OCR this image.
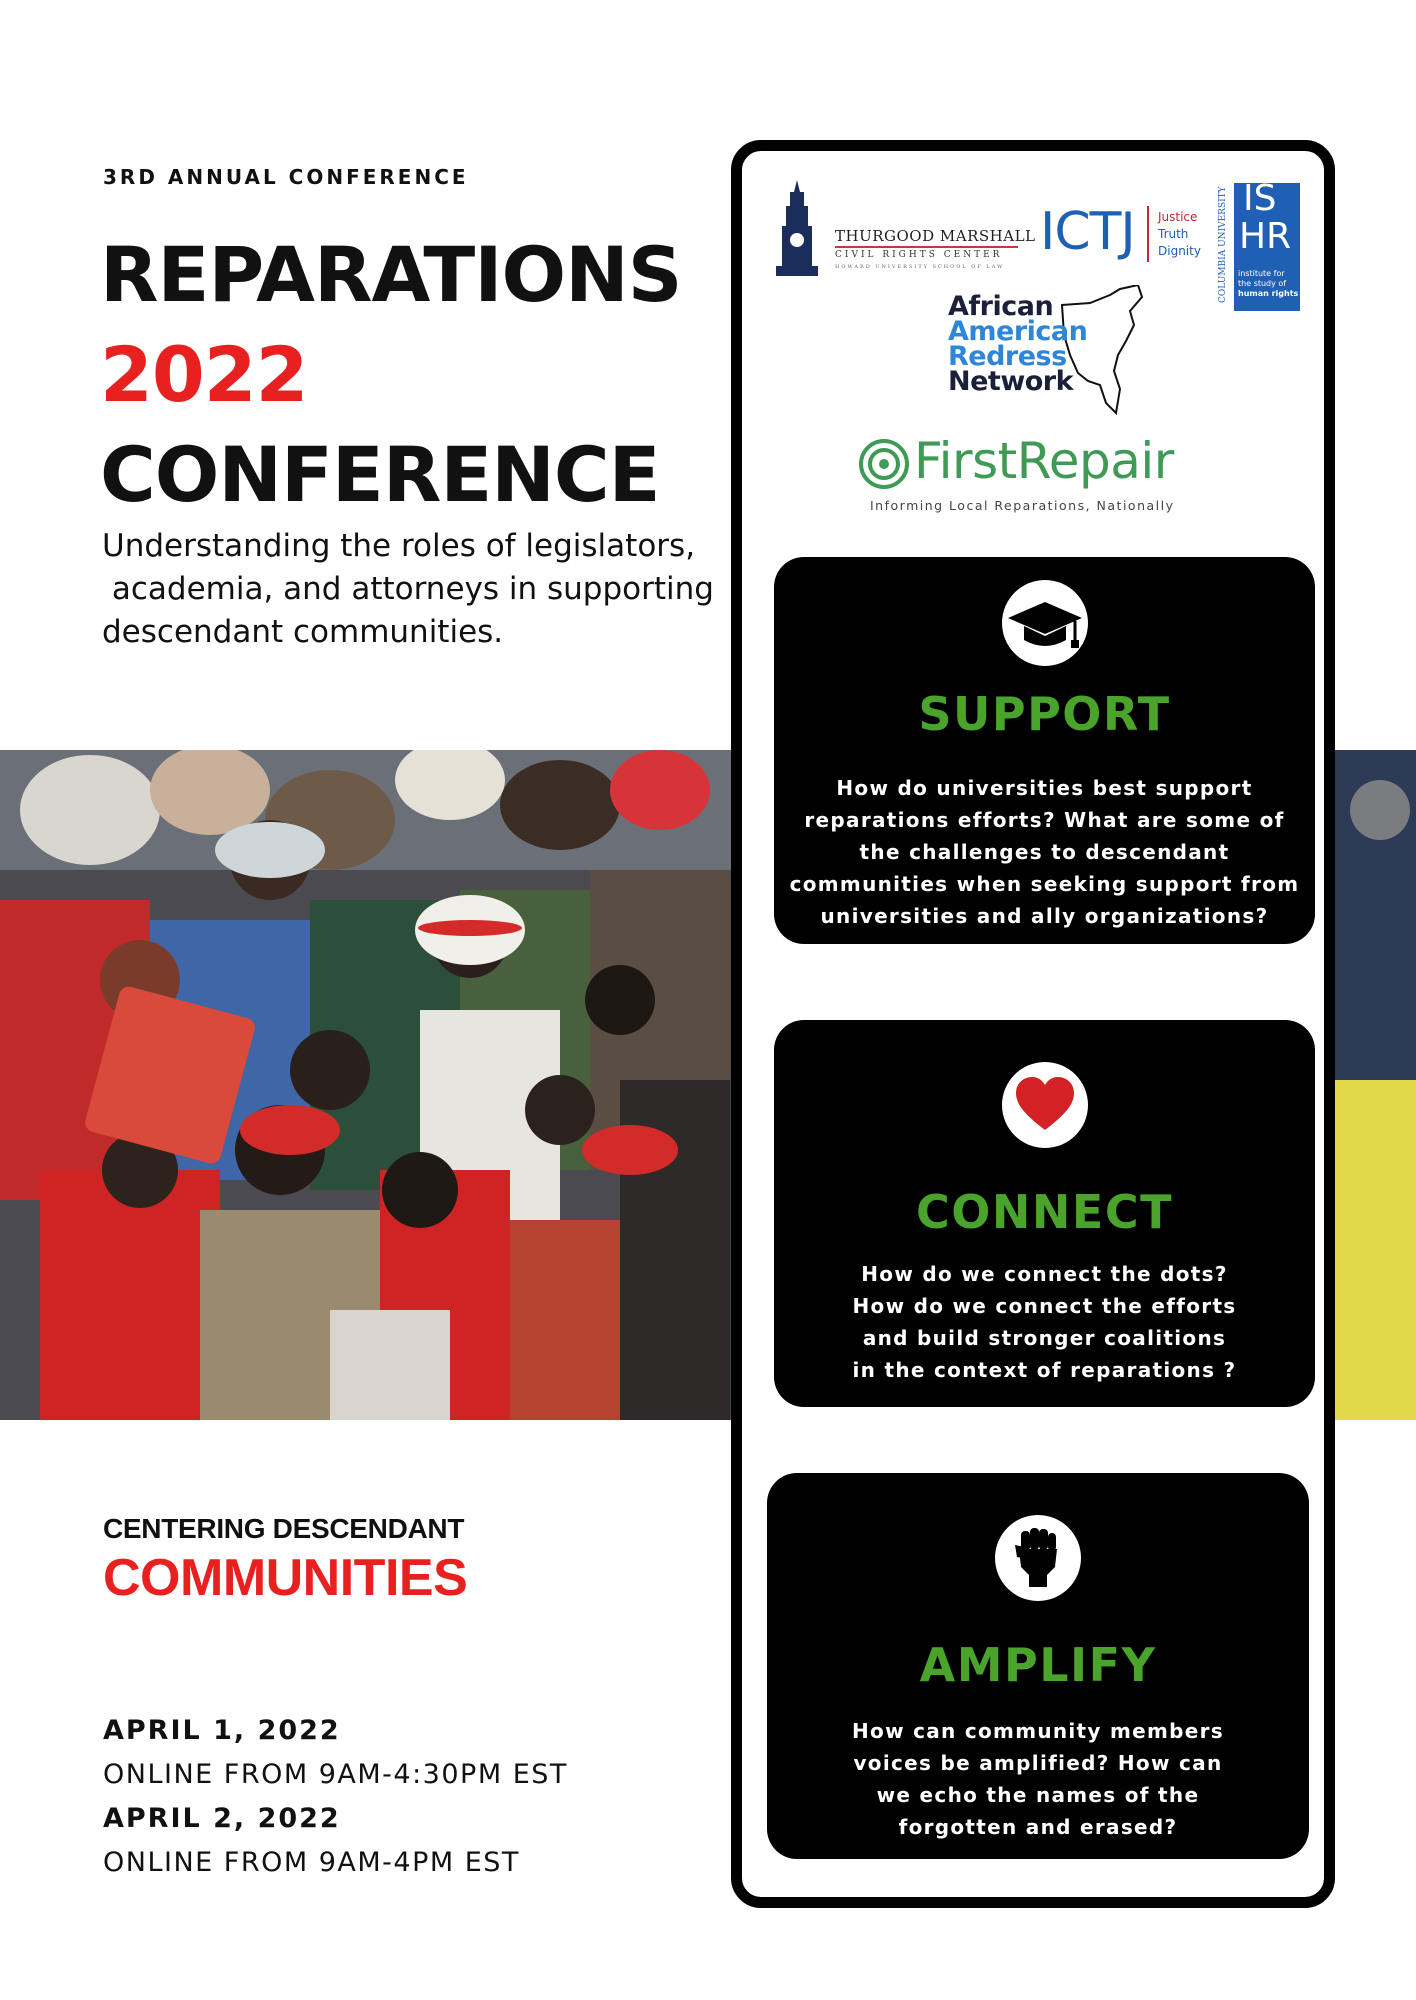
3RD ANNUAL CONFERENCE
REPARATIONS
2022
CONFERENCE
Understanding the roles of legislators,
academia, and attorneys in supporting
descendant communities.
CENTERING DESCENDANT
COMMUNITIES
APRIL 1, 2022
ONLINE FROM 9AM-4:30PM EST
APRIL 2, 2022
ONLINE FROM 9AM-4PM EST
THURGOOD MARSHALL
CIVIL RIGHTS CENTER
HOWARD UNIVERSITY SCHOOL OF LAW
ICTJ Justice
Truth
Dignity COLUMBIA UNIVERSITY IS
HR
institute for
the study of
human rights
African
American
Redress
Network
FirstRepair
Informing Local Reparations, Nationally
SUPPORT
How do universities best support
reparations efforts? What are some of
the challenges to descendant
communities when seeking support from
universities and ally organizations?
CONNECT
How do we connect the dots?
How do we connect the efforts
and build stronger coalitions
in the context of reparations ?
AMPLIFY
How can community members
voices be amplified? How can
we echo the names of the
forgotten and erased?
